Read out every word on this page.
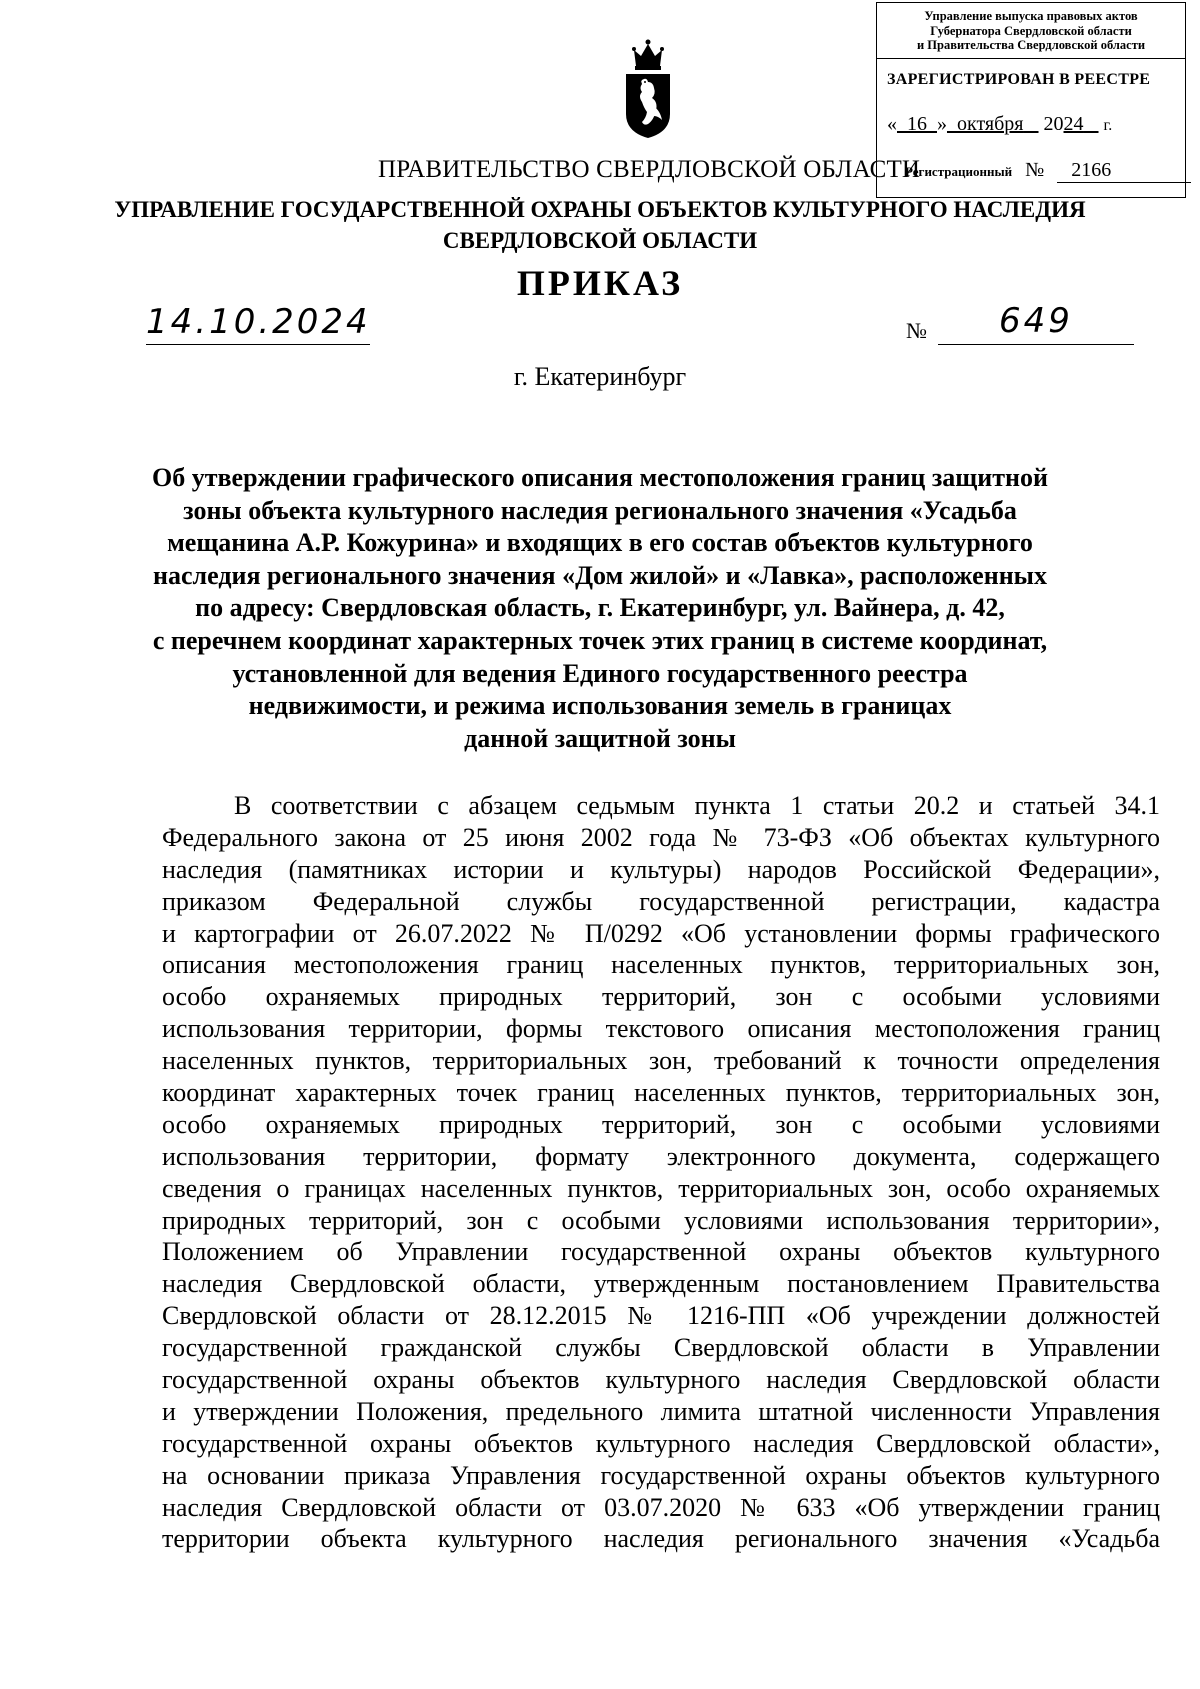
Управление выпуска правовых актов
Губернатора Свердловской области
и Правительства Свердловской области
ЗАРЕГИСТРИРОВАН В РЕЕСТРЕ
« 16 » октября 2024 г.
Регистрационный № 2166
ПРАВИТЕЛЬСТВО СВЕРДЛОВСКОЙ ОБЛАСТИ
УПРАВЛЕНИЕ ГОСУДАРСТВЕННОЙ ОХРАНЫ ОБЪЕКТОВ КУЛЬТУРНОГО НАСЛЕДИЯ
СВЕРДЛОВСКОЙ ОБЛАСТИ
ПРИКАЗ
14.10.2024	№	649
г. Екатеринбург
Об утверждении графического описания местоположения границ защитной
зоны объекта культурного наследия регионального значения «Усадьба
мещанина А.Р. Кожурина» и входящих в его состав объектов культурного
наследия регионального значения «Дом жилой» и «Лавка», расположенных
по адресу: Свердловская область, г. Екатеринбург, ул. Вайнера, д. 42,
с перечнем координат характерных точек этих границ в системе координат,
установленной для ведения Единого государственного реестра
недвижимости, и режима использования земель в границах
данной защитной зоны
В соответствии с абзацем седьмым пункта 1 статьи 20.2 и статьей 34.1
Федерального закона от 25 июня 2002 года № 73-ФЗ «Об объектах культурного
наследия (памятниках истории и культуры) народов Российской Федерации»,
приказом Федеральной службы государственной регистрации, кадастра
и картографии от 26.07.2022 № П/0292 «Об установлении формы графического
описания местоположения границ населенных пунктов, территориальных зон,
особо охраняемых природных территорий, зон с особыми условиями
использования территории, формы текстового описания местоположения границ
населенных пунктов, территориальных зон, требований к точности определения
координат характерных точек границ населенных пунктов, территориальных зон,
особо охраняемых природных территорий, зон с особыми условиями
использования территории, формату электронного документа, содержащего
сведения о границах населенных пунктов, территориальных зон, особо охраняемых
природных территорий, зон с особыми условиями использования территории»,
Положением об Управлении государственной охраны объектов культурного
наследия Свердловской области, утвержденным постановлением Правительства
Свердловской области от 28.12.2015 № 1216-ПП «Об учреждении должностей
государственной гражданской службы Свердловской области в Управлении
государственной охраны объектов культурного наследия Свердловской области
и утверждении Положения, предельного лимита штатной численности Управления
государственной охраны объектов культурного наследия Свердловской области»,
на основании приказа Управления государственной охраны объектов культурного
наследия Свердловской области от 03.07.2020 № 633 «Об утверждении границ
территории объекта культурного наследия регионального значения «Усадьба
